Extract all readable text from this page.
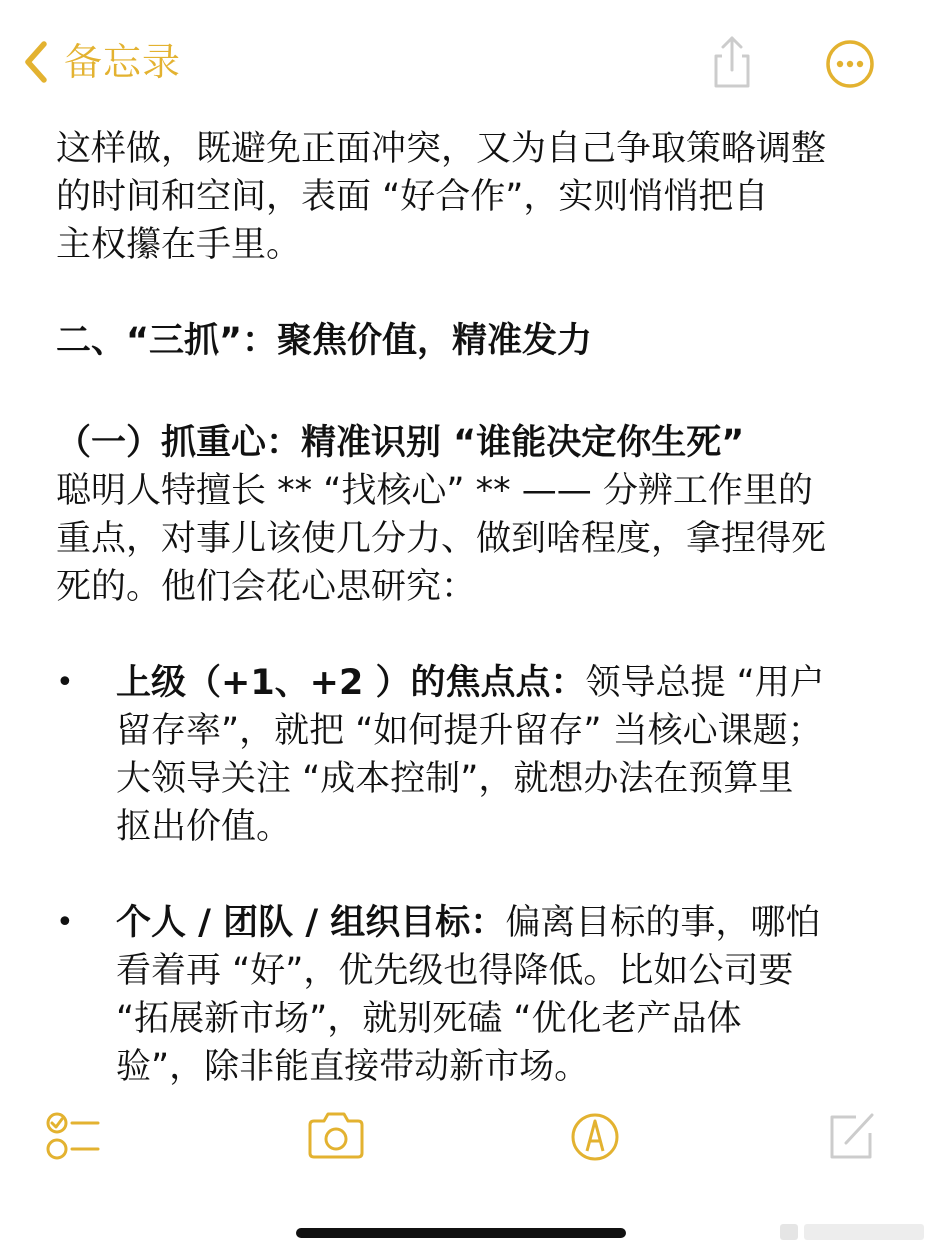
备忘录

这样做，既避免正面冲突，又为自己争取策略调整

的时间和空间，表面 “好合作”，实则悄悄把自

主权攥在手里。

二、“三抓”：聚焦价值，精准发力

（一）抓重心：精准识别 “谁能决定你生死”

聪明人特擅长 ** “找核心” ** —— 分辨工作里的

重点，对事儿该使几分力、做到啥程度，拿捏得死

死的。他们会花心思研究：

• 上级（+1、+2 ）的焦点点：领导总提 “用户

留存率”，就把 “如何提升留存” 当核心课题；

大领导关注 “成本控制”，就想办法在预算里

抠出价值。

• 个人 / 团队 / 组织目标：偏离目标的事，哪怕

看着再 “好”，优先级也得降低。比如公司要

“拓展新市场”，就别死磕 “优化老产品体

验”，除非能直接带动新市场。
